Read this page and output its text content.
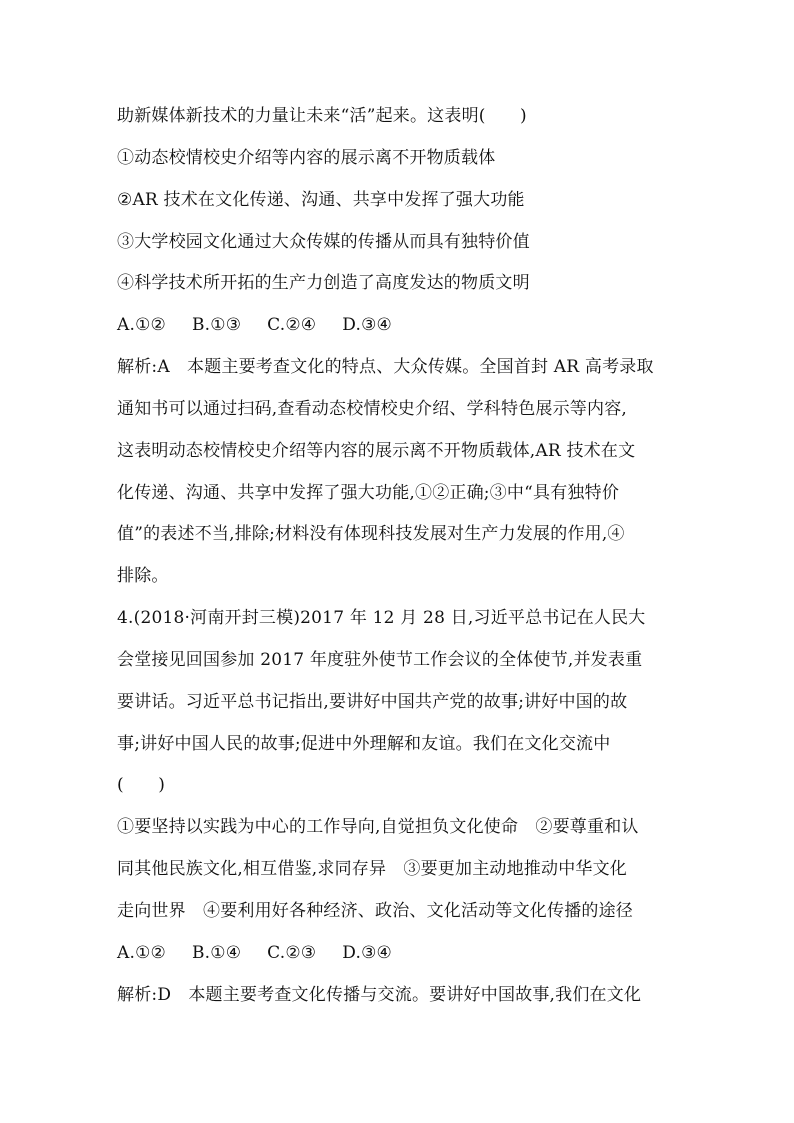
助新媒体新技术的力量让未来“活”起来。这表明(　　)
①动态校情校史介绍等内容的展示离不开物质载体
②AR 技术在文化传递、沟通、共享中发挥了强大功能
③大学校园文化通过大众传媒的传播从而具有独特价值
④科学技术所开拓的生产力创造了高度发达的物质文明
A.①② B.①③ C.②④ D.③④
解析:A　本题主要考查文化的特点、大众传媒。全国首封 AR 高考录取
通知书可以通过扫码,查看动态校情校史介绍、学科特色展示等内容,
这表明动态校情校史介绍等内容的展示离不开物质载体,AR 技术在文
化传递、沟通、共享中发挥了强大功能,①②正确;③中“具有独特价
值”的表述不当,排除;材料没有体现科技发展对生产力发展的作用,④
排除。
4.(2018·河南开封三模)2017 年 12 月 28 日,习近平总书记在人民大
会堂接见回国参加 2017 年度驻外使节工作会议的全体使节,并发表重
要讲话。习近平总书记指出,要讲好中国共产党的故事;讲好中国的故
事;讲好中国人民的故事;促进中外理解和友谊。我们在文化交流中
(　　)
①要坚持以实践为中心的工作导向,自觉担负文化使命　②要尊重和认
同其他民族文化,相互借鉴,求同存异　③要更加主动地推动中华文化
走向世界　④要利用好各种经济、政治、文化活动等文化传播的途径
A.①② B.①④ C.②③ D.③④
解析:D　本题主要考查文化传播与交流。要讲好中国故事,我们在文化
